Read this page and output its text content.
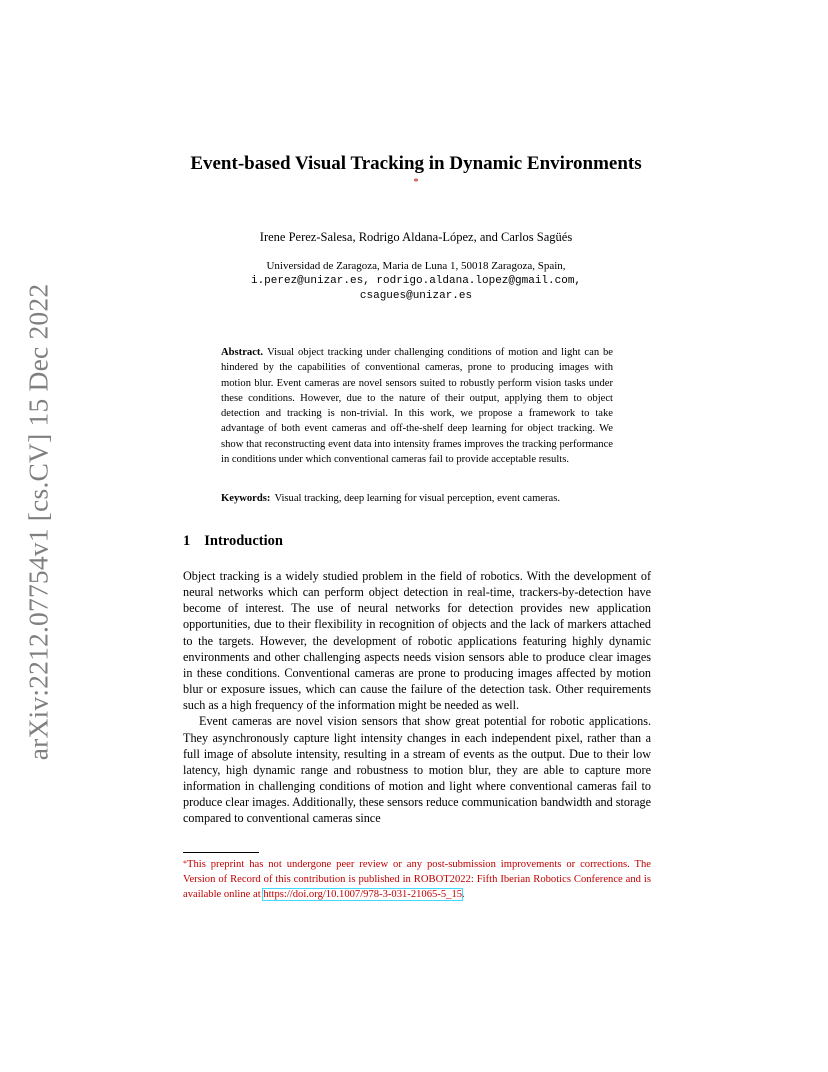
arXiv:2212.07754v1 [cs.CV] 15 Dec 2022
Event-based Visual Tracking in Dynamic Environments
*
Irene Perez-Salesa, Rodrigo Aldana-López, and Carlos Sagüés
Universidad de Zaragoza, Maria de Luna 1, 50018 Zaragoza, Spain,
i.perez@unizar.es, rodrigo.aldana.lopez@gmail.com,
csagues@unizar.es

Abstract. Visual object tracking under challenging conditions of motion and light can be hindered by the capabilities of conventional cameras, prone to producing images with motion blur. Event cameras are novel sensors suited to robustly perform vision tasks under these conditions. However, due to the nature of their output, applying them to object detection and tracking is non-trivial. In this work, we propose a framework to take advantage of both event cameras and off-the-shelf deep learning for object tracking. We show that reconstructing event data into intensity frames improves the tracking performance in conditions under which conventional cameras fail to provide acceptable results.

Keywords: Visual tracking, deep learning for visual perception, event cameras.

1 Introduction

Object tracking is a widely studied problem in the field of robotics. With the development of neural networks which can perform object detection in real-time, trackers-by-detection have become of interest. The use of neural networks for detection provides new application opportunities, due to their flexibility in recognition of objects and the lack of markers attached to the targets. However, the development of robotic applications featuring highly dynamic environments and other challenging aspects needs vision sensors able to produce clear images in these conditions. Conventional cameras are prone to producing images affected by motion blur or exposure issues, which can cause the failure of the detection task. Other requirements such as a high frequency of the information might be needed as well.

Event cameras are novel vision sensors that show great potential for robotic applications. They asynchronously capture light intensity changes in each independent pixel, rather than a full image of absolute intensity, resulting in a stream of events as the output. Due to their low latency, high dynamic range and robustness to motion blur, they are able to capture more information in challenging conditions of motion and light where conventional cameras fail to produce clear images. Additionally, these sensors reduce communication bandwidth and storage compared to conventional cameras since

*This preprint has not undergone peer review or any post-submission improvements or corrections. The Version of Record of this contribution is published in ROBOT2022: Fifth Iberian Robotics Conference and is available online at https://doi.org/10.1007/978-3-031-21065-5_15.
